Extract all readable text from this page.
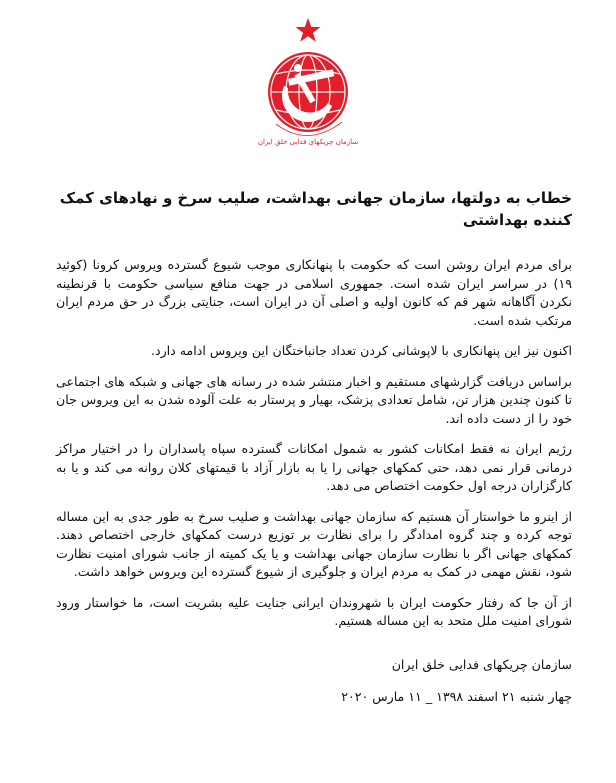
سازمان چریکهای فدایی خلق ایران
خطاب به دولتها، سازمان جهانی بهداشت، صلیب سرخ و نهادهای کمک کننده بهداشتی

برای مردم ایران روشن است که حکومت با پنهانکاری موجب شیوع گسترده ویروس کرونا (کوئید ۱۹) در سراسر ایران شده است. جمهوری اسلامی در جهت منافع سیاسی حکومت با قرنطینه نکردن آگاهانه شهر قم که کانون اولیه و اصلی آن در ایران است، جنایتی بزرگ در حق مردم ایران مرتکب شده است.

اکنون نیز این پنهانکاری با لاپوشانی کردن تعداد جانباختگان این ویروس ادامه دارد.

براساس دریافت گزارشهای مستقیم و اخبار منتشر شده در رسانه های جهانی و شبکه های اجتماعی تا کنون چندین هزار تن، شامل تعدادی پزشک، بهیار و پرستار به علت آلوده شدن به این ویروس جان خود را از دست داده اند.

رژیم ایران نه فقط امکانات کشور به شمول امکانات گسترده سپاه پاسداران را در اختیار مراکز درمانی قرار نمی دهد، حتی کمکهای جهانی را یا به بازار آزاد با قیمتهای کلان روانه می کند و یا به کارگزاران درجه اول حکومت اختصاص می دهد.

از اینرو ما خواستار آن هستیم که سازمان جهانی بهداشت و صلیب سرخ به طور جدی به این مساله توجه کرده و چند گروه امدادگر را برای نظارت بر توزیع درست کمکهای خارجی اختصاص دهند. کمکهای جهانی اگر با نظارت سازمان جهانی بهداشت و یا یک کمیته از جانب شورای امنیت نظارت شود، نقش مهمی در کمک به مردم ایران و جلوگیری از شیوع گسترده این ویروس خواهد داشت.

از آن جا که رفتار حکومت ایران با شهروندان ایرانی جنایت علیه بشریت است، ما خواستار ورود شورای امنیت ملل متحد به این مساله هستیم.

سازمان چریکهای فدایی خلق ایران
چهار شنبه ۲۱ اسفند ۱۳۹۸ _ ۱۱ مارس ۲۰۲۰
